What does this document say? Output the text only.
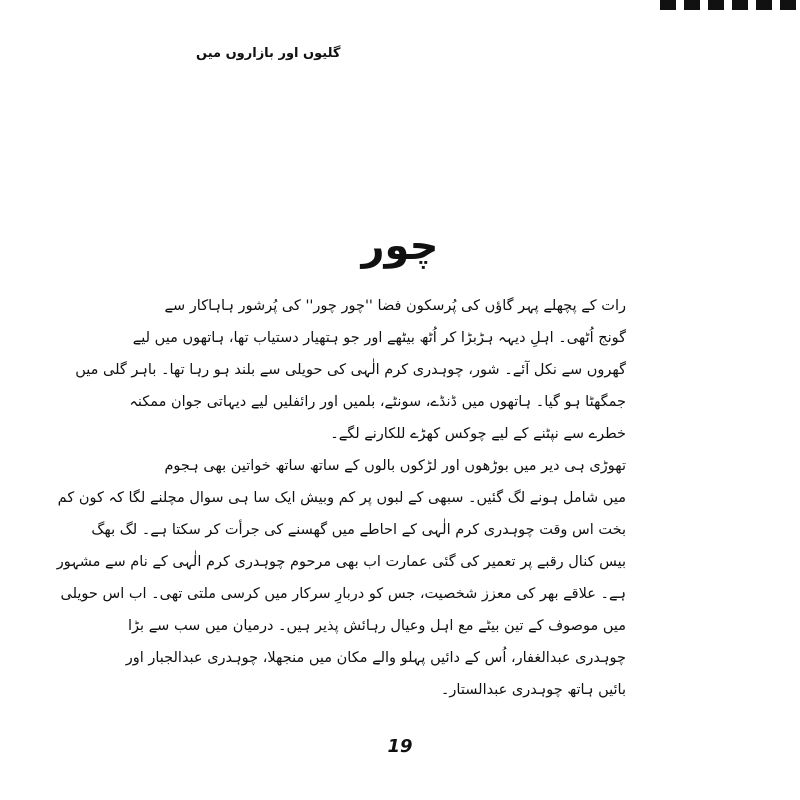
گلیوں اور بازاروں میں
چور
رات کے پچھلے پہر گاؤں کی پُرسکون فضا ''چور چور'' کی پُرشور ہاہاکار سے
گونج اُٹھی۔ اہلِ دیہہ ہڑبڑا کر اُٹھ بیٹھے اور جو ہتھیار دستیاب تھا، ہاتھوں میں لیے
گھروں سے نکل آئے۔ شور، چوہدری کرم الٰہی کی حویلی سے بلند ہو رہا تھا۔ باہر گلی میں
جمگھٹا ہو گیا۔ ہاتھوں میں ڈنڈے، سونٹے، بلمیں اور رائفلیں لیے دیہاتی جوان ممکنہ
خطرے سے نپٹنے کے لیے چوکس کھڑے للکارنے لگے۔
تھوڑی ہی دیر میں بوڑھوں اور لڑکوں بالوں کے ساتھ ساتھ خواتین بھی ہجوم
میں شامل ہونے لگ گئیں۔ سبھی کے لبوں پر کم وبیش ایک سا ہی سوال مچلنے لگا کہ کون کم
بخت اس وقت چوہدری کرم الٰہی کے احاطے میں گھسنے کی جرأت کر سکتا ہے۔ لگ بھگ
بیس کنال رقبے پر تعمیر کی گئی عمارت اب بھی مرحوم چوہدری کرم الٰہی کے نام سے مشہور
ہے۔ علاقے بھر کی معزز شخصیت، جس کو دربارِ سرکار میں کرسی ملتی تھی۔ اب اس حویلی
میں موصوف کے تین بیٹے مع اہل وعیال رہائش پذیر ہیں۔ درمیان میں سب سے بڑا
چوہدری عبدالغفار، اُس کے دائیں پہلو والے مکان میں منجھلا، چوہدری عبدالجبار اور
بائیں ہاتھ چوہدری عبدالستار۔
19
